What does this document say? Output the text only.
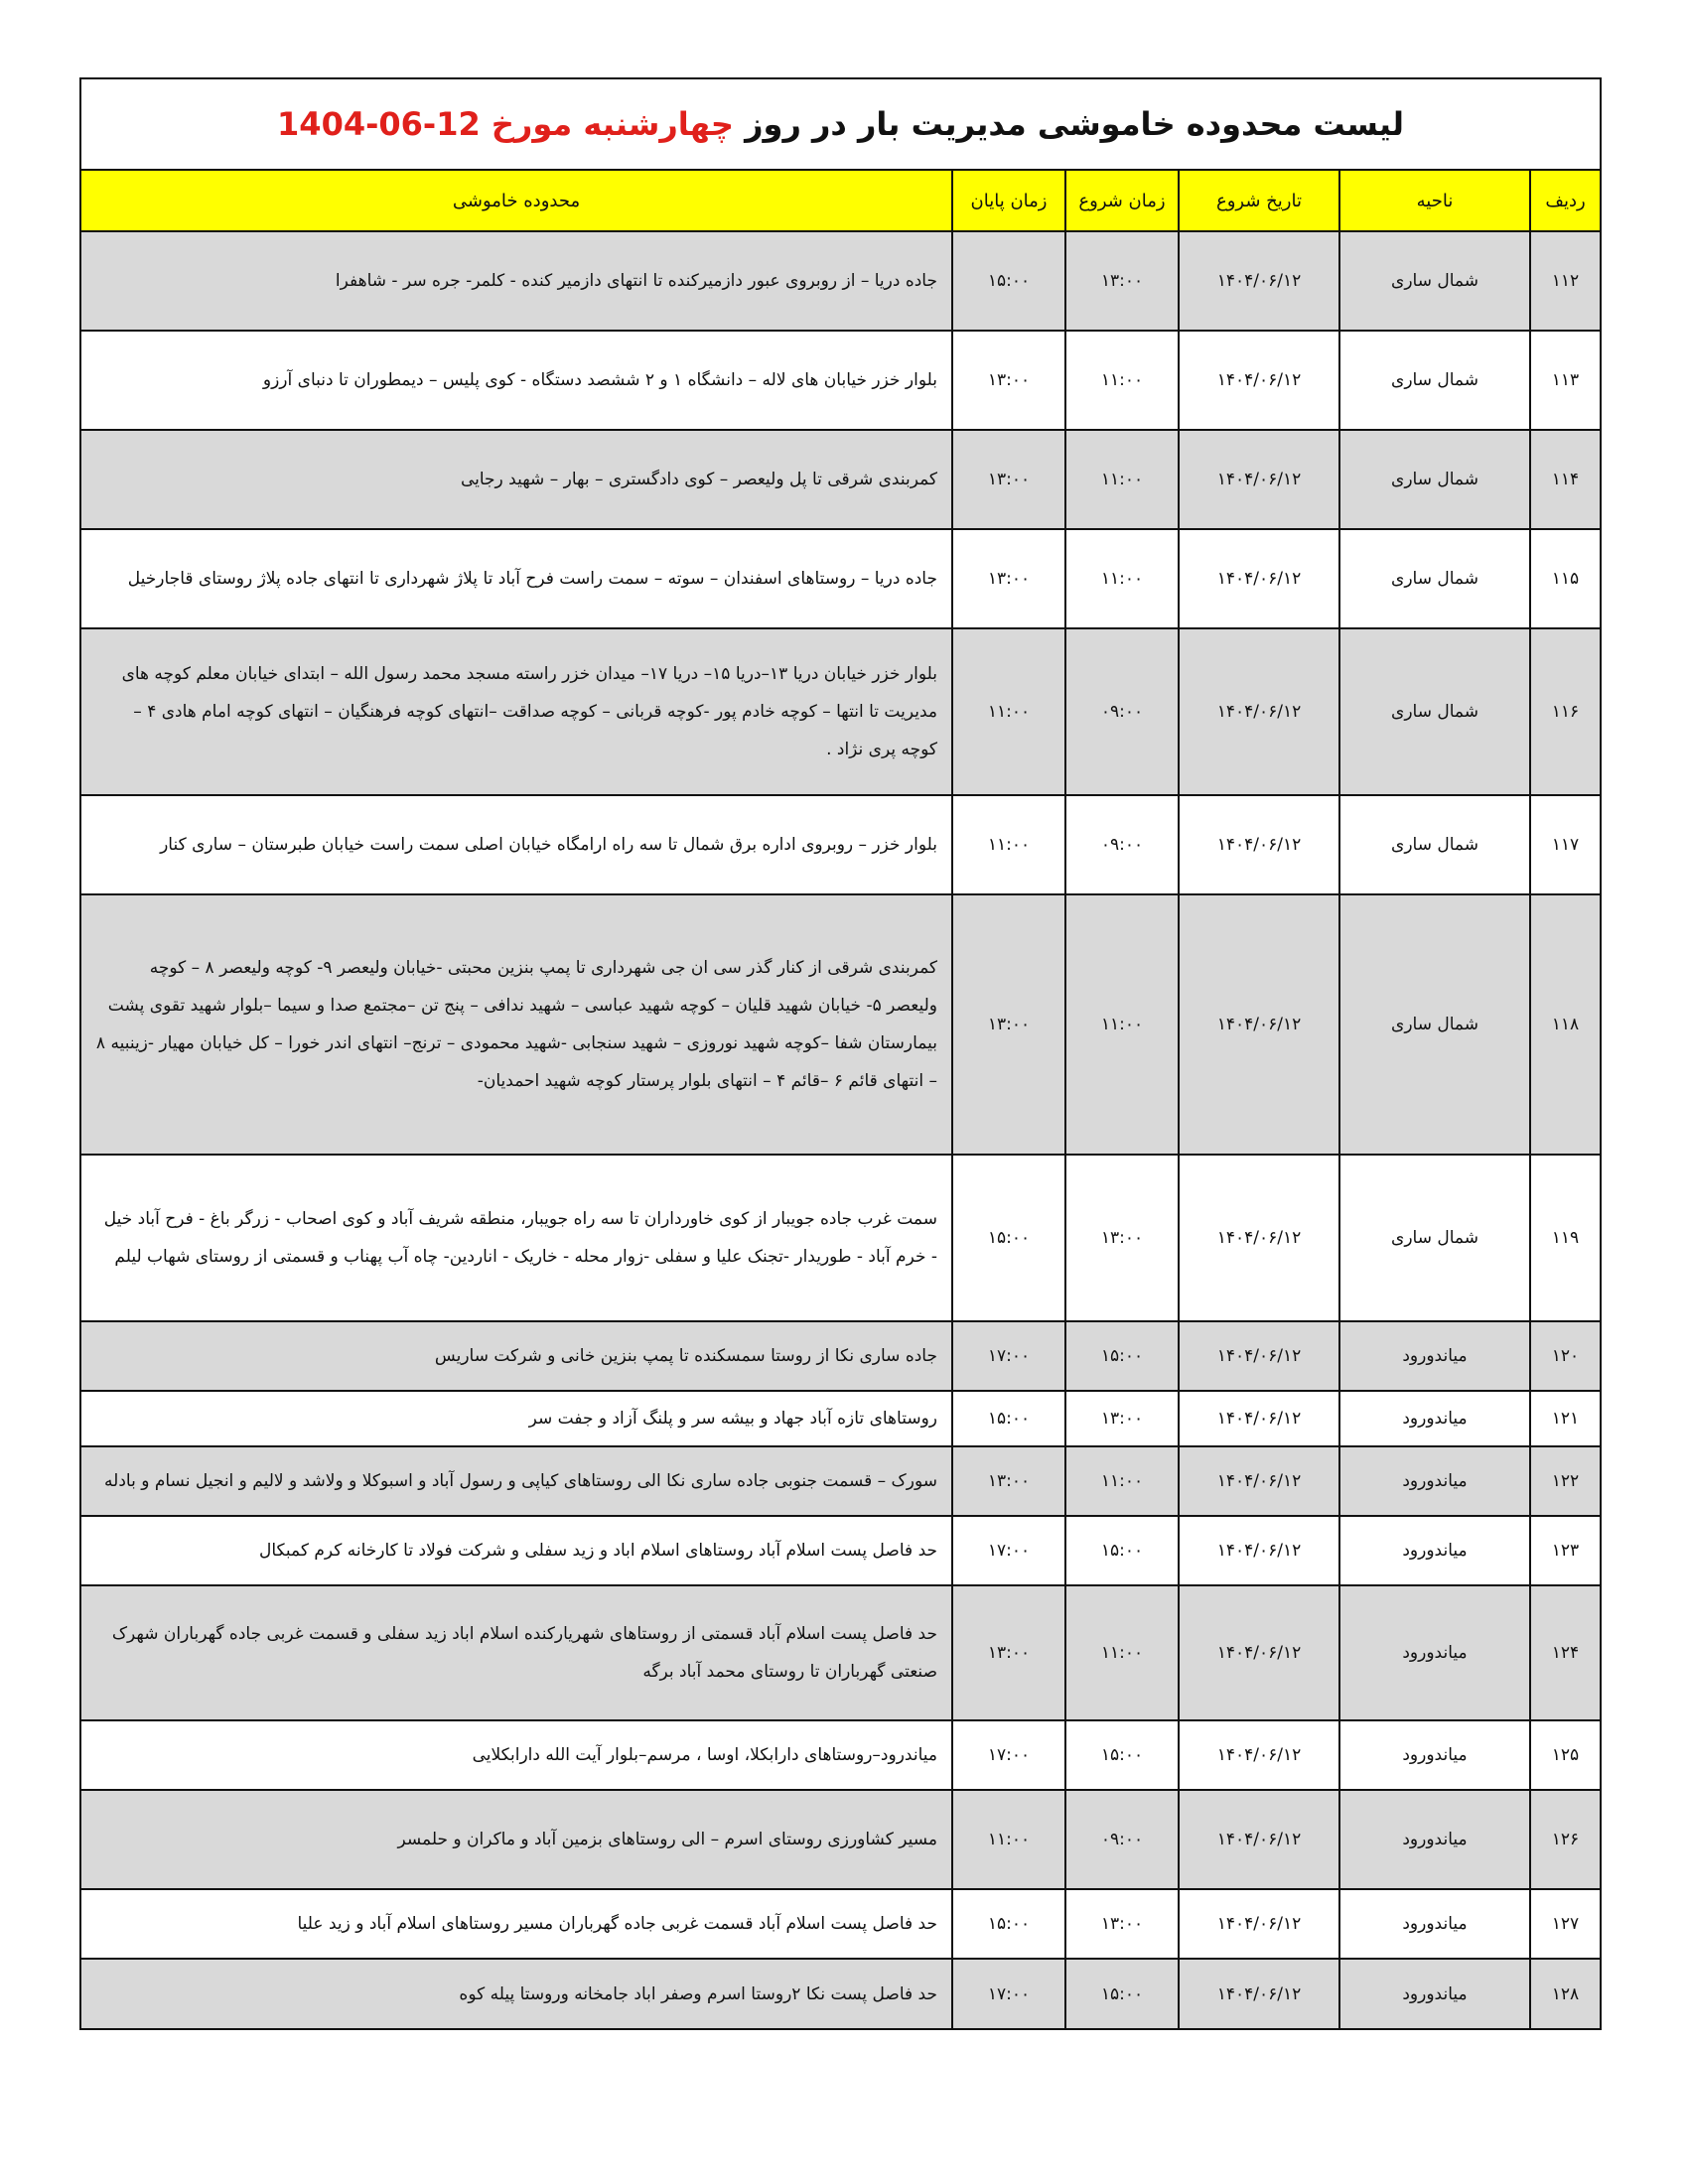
لیست محدوده خاموشی مدیریت بار در روز چهارشنبه مورخ 1404-06-12
ردیف	ناحیه	تاریخ شروع	زمان شروع	زمان پایان	محدوده خاموشی
۱۱۲	شمال ساری	۱۴۰۴/۰۶/۱۲	۱۳:۰۰	۱۵:۰۰	جاده دریا – از روبروی عبور دازمیرکنده تا انتهای دازمیر کنده - کلمر- جره سر - شاهفرا
۱۱۳	شمال ساری	۱۴۰۴/۰۶/۱۲	۱۱:۰۰	۱۳:۰۰	بلوار خزر خیابان های لاله – دانشگاه ۱ و ۲ ششصد دستگاه - کوی پلیس – دیمطوران تا دنبای آرزو
۱۱۴	شمال ساری	۱۴۰۴/۰۶/۱۲	۱۱:۰۰	۱۳:۰۰	کمربندی شرقی تا پل ولیعصر – کوی دادگستری – بهار – شهید رجایی
۱۱۵	شمال ساری	۱۴۰۴/۰۶/۱۲	۱۱:۰۰	۱۳:۰۰	جاده دریا – روستاهای اسفندان – سوته – سمت راست فرح آباد تا پلاژ شهرداری تا انتهای جاده پلاژ روستای قاجارخیل
۱۱۶	شمال ساری	۱۴۰۴/۰۶/۱۲	۰۹:۰۰	۱۱:۰۰	بلوار خزر خیابان دریا ۱۳–دریا ۱۵– دریا ۱۷– میدان خزر راسته مسجد محمد رسول الله – ابتدای خیابان معلم کوچه های مدیریت تا انتها – کوچه خادم پور -کوچه قربانی – کوچه صداقت –انتهای کوچه فرهنگیان – انتهای کوچه امام هادی ۴ – کوچه پری نژاد .
۱۱۷	شمال ساری	۱۴۰۴/۰۶/۱۲	۰۹:۰۰	۱۱:۰۰	بلوار خزر – روبروی اداره برق شمال تا سه راه ارامگاه خیابان اصلی سمت راست خیابان طبرستان – ساری کنار
۱۱۸	شمال ساری	۱۴۰۴/۰۶/۱۲	۱۱:۰۰	۱۳:۰۰	کمربندی شرقی از کنار گذر سی ان جی شهرداری تا پمپ بنزین محبتی -خیابان ولیعصر ۹- کوچه ولیعصر ۸ – کوچه ولیعصر ۵- خیابان شهید قلیان – کوچه شهید عباسی – شهید ندافی – پنج تن –مجتمع صدا و سیما –بلوار شهید تقوی پشت بیمارستان شفا –کوچه شهید نوروزی – شهید سنجابی -شهید محمودی – ترنج– انتهای اندر خورا – کل خیابان مهیار -زینبیه ۸ – انتهای قائم ۶ –قائم ۴ – انتهای بلوار پرستار کوچه شهید احمدیان-
۱۱۹	شمال ساری	۱۴۰۴/۰۶/۱۲	۱۳:۰۰	۱۵:۰۰	سمت غرب جاده جویبار از کوی خاورداران تا سه راه جویبار، منطقه شریف آباد و کوی اصحاب - زرگر باغ - فرح آباد خیل - خرم آباد - طوریدار -تجنک علیا و سفلی -زوار محله - خاریک - اناردین- چاه آب پهناب و قسمتی از روستای شهاب لیلم
۱۲۰	میاندورود	۱۴۰۴/۰۶/۱۲	۱۵:۰۰	۱۷:۰۰	جاده ساری نکا از روستا سمسکنده تا پمپ بنزین خانی و شرکت ساریس
۱۲۱	میاندورود	۱۴۰۴/۰۶/۱۲	۱۳:۰۰	۱۵:۰۰	روستاهای تازه آباد جهاد و بیشه سر و پلنگ آزاد و جفت سر
۱۲۲	میاندورود	۱۴۰۴/۰۶/۱۲	۱۱:۰۰	۱۳:۰۰	سورک – قسمت جنوبی جاده ساری نکا الی روستاهای کیاپی و رسول آباد و اسبوکلا و ولاشد و لالیم و انجیل نسام و بادله
۱۲۳	میاندورود	۱۴۰۴/۰۶/۱۲	۱۵:۰۰	۱۷:۰۰	حد فاصل پست اسلام آباد روستاهای اسلام اباد و زید سفلی و شرکت فولاد تا کارخانه کرم کمبکال
۱۲۴	میاندورود	۱۴۰۴/۰۶/۱۲	۱۱:۰۰	۱۳:۰۰	حد فاصل پست اسلام آباد قسمتی از روستاهای شهریارکنده اسلام اباد زید سفلی و قسمت غربی جاده گهرباران شهرک صنعتی گهرباران تا روستای محمد آباد برگه
۱۲۵	میاندورود	۱۴۰۴/۰۶/۱۲	۱۵:۰۰	۱۷:۰۰	میاندرود–روستاهای دارابکلا، اوسا ، مرسم–بلوار آیت الله دارابکلایی
۱۲۶	میاندورود	۱۴۰۴/۰۶/۱۲	۰۹:۰۰	۱۱:۰۰	مسیر کشاورزی روستای اسرم – الی روستاهای بزمین آباد و ماکران و حلمسر
۱۲۷	میاندورود	۱۴۰۴/۰۶/۱۲	۱۳:۰۰	۱۵:۰۰	حد فاصل پست اسلام آباد قسمت غربی جاده گهرباران مسیر روستاهای اسلام آباد و زید علیا
۱۲۸	میاندورود	۱۴۰۴/۰۶/۱۲	۱۵:۰۰	۱۷:۰۰	حد فاصل پست نکا ۲روستا اسرم وصفر اباد جامخانه وروستا پیله کوه
